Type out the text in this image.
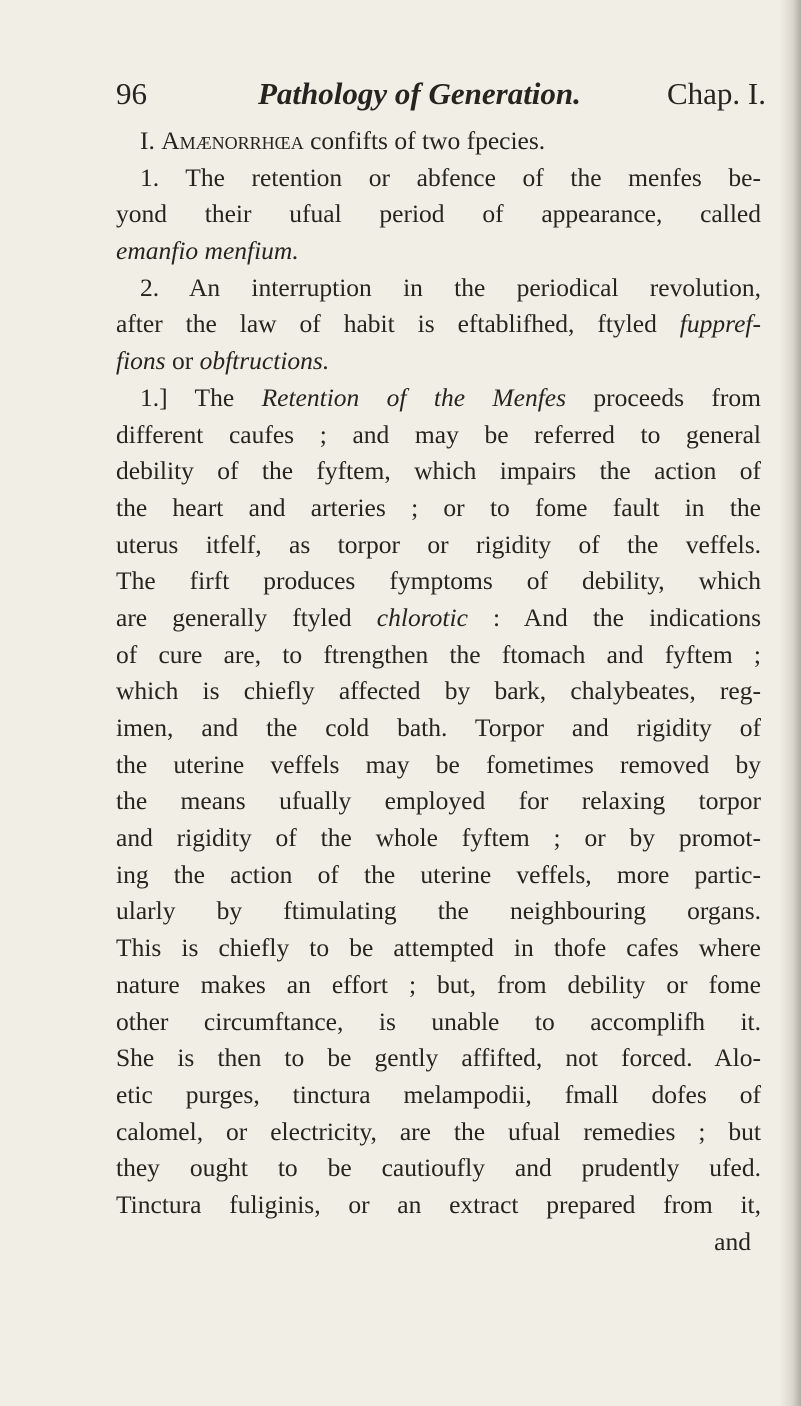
96	Pathology of Generation.	Chap. I.
I. Amænorrhœa confifts of two fpecies.
1. The retention or abfence of the menfes be-
yond their ufual period of appearance, called
emanfio menfium.
2. An interruption in the periodical revolution,
after the law of habit is eftablifhed, ftyled fuppref-
fions or obftructions.
1.] The Retention of the Menfes proceeds from
different caufes ; and may be referred to general
debility of the fyftem, which impairs the action of
the heart and arteries ; or to fome fault in the
uterus itfelf, as torpor or rigidity of the veffels.
The firft produces fymptoms of debility, which
are generally ftyled chlorotic : And the indications
of cure are, to ftrengthen the ftomach and fyftem ;
which is chiefly affected by bark, chalybeates, reg-
imen, and the cold bath. Torpor and rigidity of
the uterine veffels may be fometimes removed by
the means ufually employed for relaxing torpor
and rigidity of the whole fyftem ; or by promot-
ing the action of the uterine veffels, more partic-
ularly by ftimulating the neighbouring organs.
This is chiefly to be attempted in thofe cafes where
nature makes an effort ; but, from debility or fome
other circumftance, is unable to accomplifh it.
She is then to be gently affifted, not forced. Alo-
etic purges, tinctura melampodii, fmall dofes of
calomel, or electricity, are the ufual remedies ; but
they ought to be cautioufly and prudently ufed.
Tinctura fuliginis, or an extract prepared from it,
and
